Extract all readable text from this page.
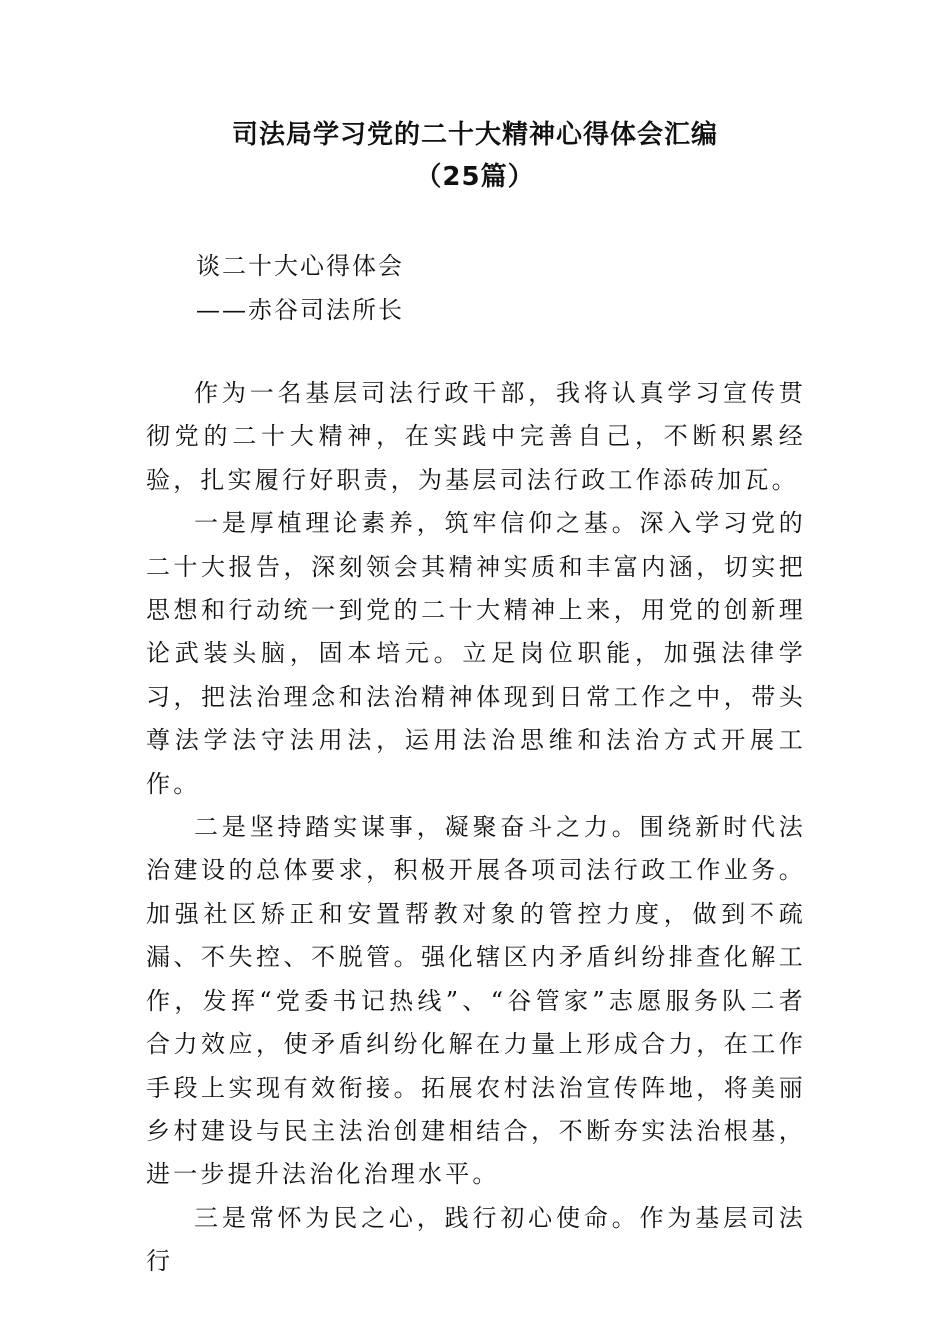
司法局学习党的二十大精神心得体会汇编
（25篇）
谈二十大心得体会
——赤谷司法所长

作为一名基层司法行政干部，我将认真学习宣传贯彻党的二十大精神，在实践中完善自己，不断积累经验，扎实履行好职责，为基层司法行政工作添砖加瓦。

一是厚植理论素养，筑牢信仰之基。深入学习党的二十大报告，深刻领会其精神实质和丰富内涵，切实把思想和行动统一到党的二十大精神上来，用党的创新理论武装头脑，固本培元。立足岗位职能，加强法律学习，把法治理念和法治精神体现到日常工作之中，带头尊法学法守法用法，运用法治思维和法治方式开展工作。

二是坚持踏实谋事，凝聚奋斗之力。围绕新时代法治建设的总体要求，积极开展各项司法行政工作业务。加强社区矫正和安置帮教对象的管控力度，做到不疏漏、不失控、不脱管。强化辖区内矛盾纠纷排查化解工作，发挥“党委书记热线”、“谷管家”志愿服务队二者合力效应，使矛盾纠纷化解在力量上形成合力，在工作手段上实现有效衔接。拓展农村法治宣传阵地，将美丽乡村建设与民主法治创建相结合，不断夯实法治根基，进一步提升法治化治理水平。

三是常怀为民之心，践行初心使命。作为基层司法行
